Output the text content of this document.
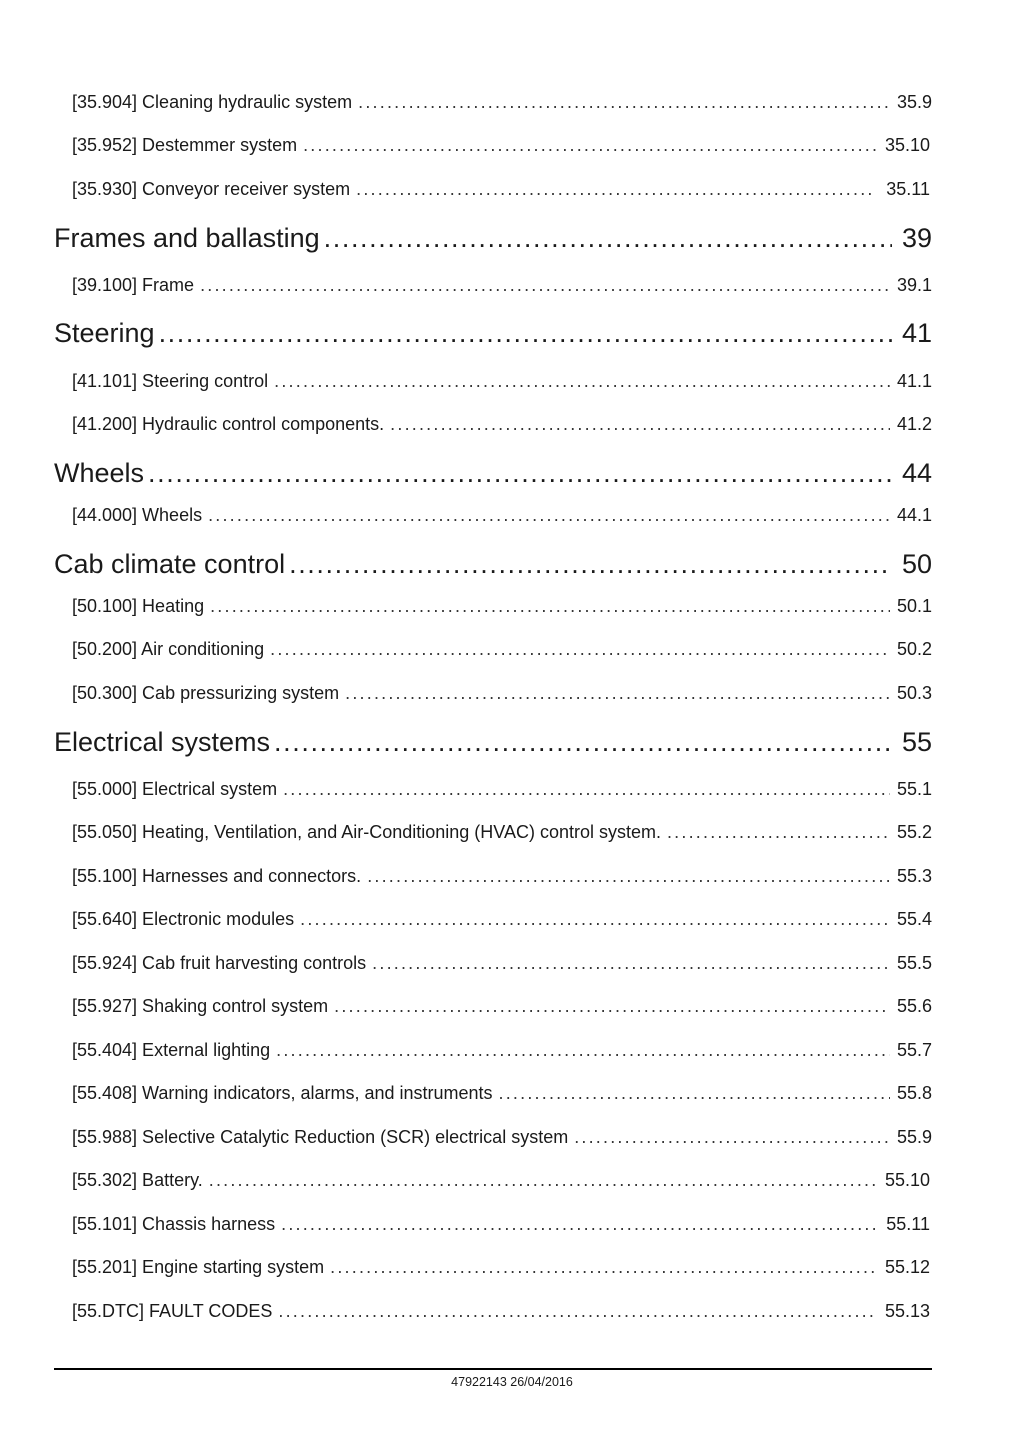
[35.904] Cleaning hydraulic system .....	35.9
[35.952] Destemmer system .....	35.10
[35.930] Conveyor receiver system .....	35.11
Frames and ballasting .....	39
[39.100] Frame .....	39.1
Steering .....	41
[41.101] Steering control .....	41.1
[41.200] Hydraulic control components. .....	41.2
Wheels .....	44
[44.000] Wheels .....	44.1
Cab climate control .....	50
[50.100] Heating .....	50.1
[50.200] Air conditioning .....	50.2
[50.300] Cab pressurizing system .....	50.3
Electrical systems .....	55
[55.000] Electrical system .....	55.1
[55.050] Heating, Ventilation, and Air-Conditioning (HVAC) control system. .....	55.2
[55.100] Harnesses and connectors. .....	55.3
[55.640] Electronic modules .....	55.4
[55.924] Cab fruit harvesting controls .....	55.5
[55.927] Shaking control system .....	55.6
[55.404] External lighting .....	55.7
[55.408] Warning indicators, alarms, and instruments .....	55.8
[55.988] Selective Catalytic Reduction (SCR) electrical system .....	55.9
[55.302] Battery. .....	55.10
[55.101] Chassis harness .....	55.11
[55.201] Engine starting system .....	55.12
[55.DTC] FAULT CODES .....	55.13
47922143 26/04/2016
